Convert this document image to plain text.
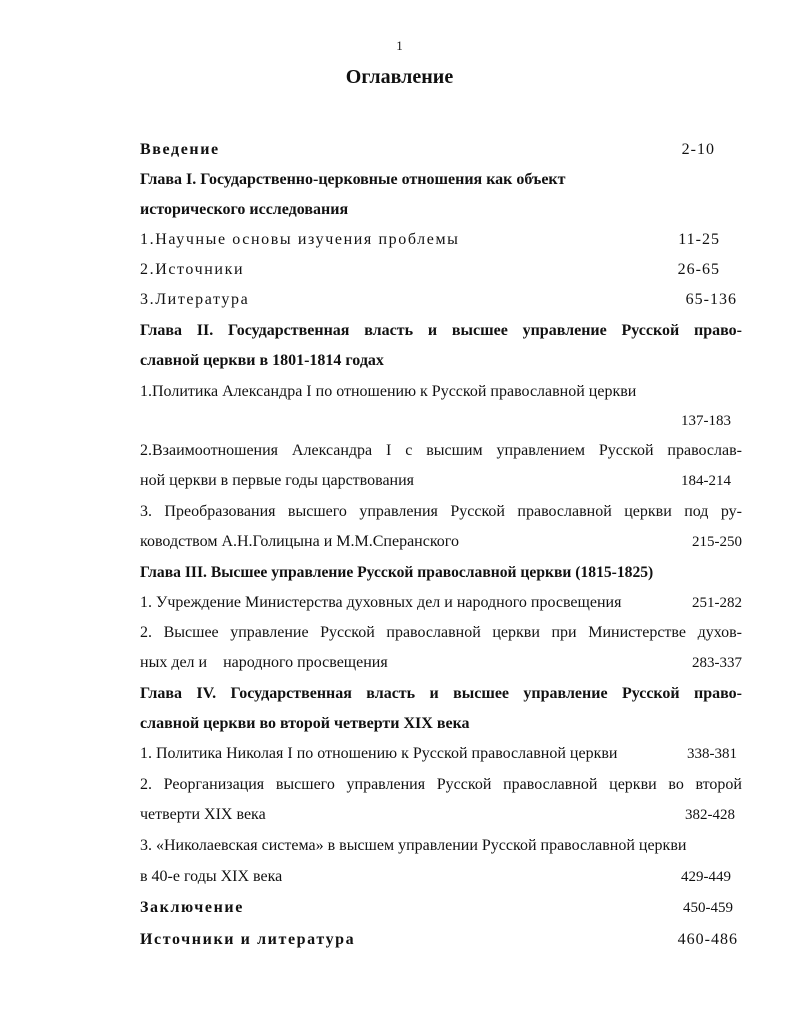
1
Оглавление
Введение	2-10
Глава I. Государственно-церковные отношения как объект
исторического исследования
1.Научные основы изучения проблемы	11-25
2.Источники	26-65
3.Литература	65-136
Глава II. Государственная власть и высшее управление Русской право-
славной церкви в 1801-1814 годах
1.Политика Александра I по отношению к Русской православной церкви
137-183
2.Взаимоотношения Александра I с высшим управлением Русской православ-
ной церкви в первые годы царствования	184-214
3. Преобразования высшего управления Русской православной церкви под ру-
ководством А.Н.Голицына и М.М.Сперанского	215-250
Глава III. Высшее управление Русской православной церкви (1815-1825)
1. Учреждение Министерства духовных дел и народного просвещения	251-282
2. Высшее управление Русской православной церкви при Министерстве духов-
ных дел и    народного просвещения	283-337
Глава IV. Государственная власть и высшее управление Русской право-
славной церкви во второй четверти XIX века
1. Политика Николая I по отношению к Русской православной церкви	338-381
2. Реорганизация высшего управления Русской православной церкви во второй
четверти XIX века	382-428
3. «Николаевская система» в высшем управлении Русской православной церкви
в 40-е годы XIX века	429-449
Заключение	450-459
Источники и литература	460-486
